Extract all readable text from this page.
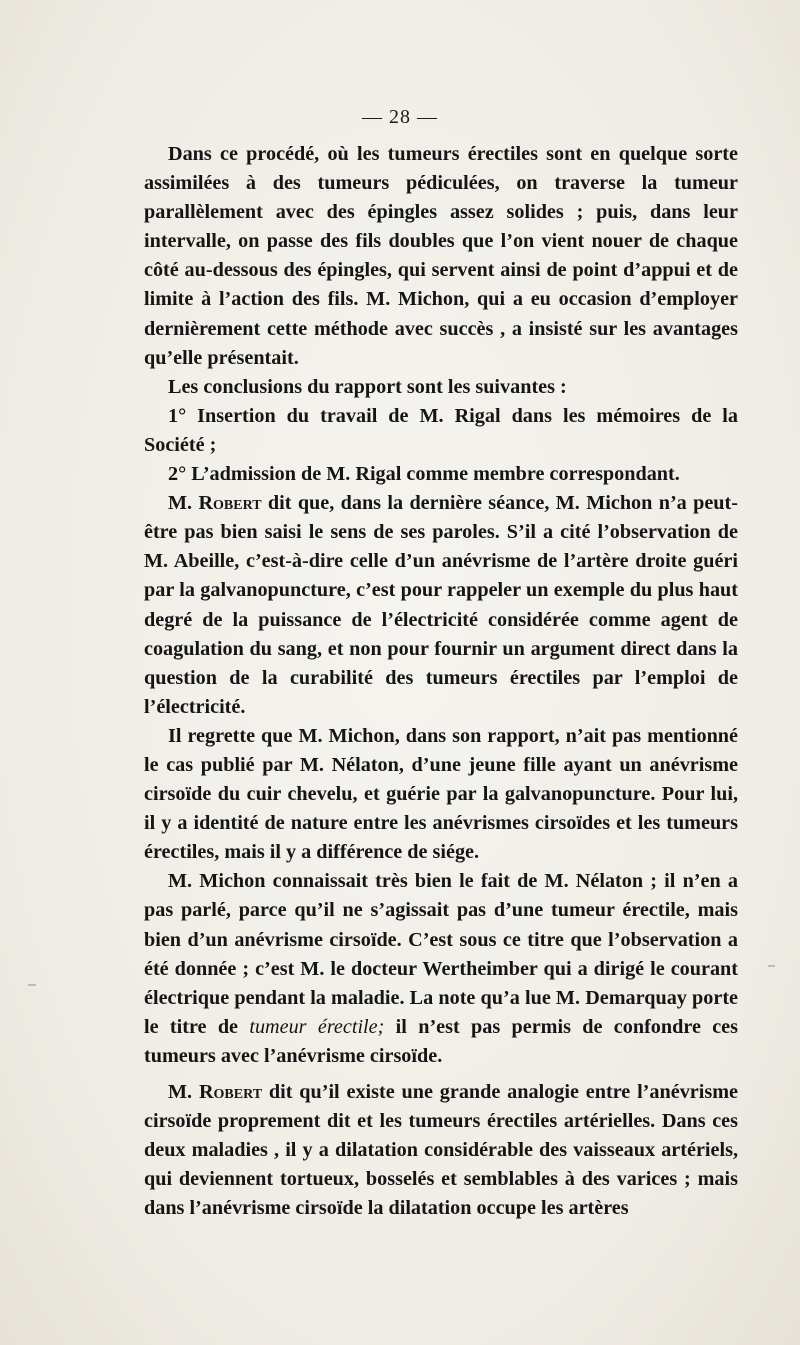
— 28 —

Dans ce procédé, où les tumeurs érectiles sont en quelque sorte assimilées à des tumeurs pédiculées, on traverse la tumeur parallèlement avec des épingles assez solides ; puis, dans leur intervalle, on passe des fils doubles que l’on vient nouer de chaque côté au-dessous des épingles, qui servent ainsi de point d’appui et de limite à l’action des fils. M. Michon, qui a eu occasion d’employer dernièrement cette méthode avec succès , a insisté sur les avantages qu’elle présentait.

Les conclusions du rapport sont les suivantes :

1° Insertion du travail de M. Rigal dans les mémoires de la Société ;

2° L’admission de M. Rigal comme membre correspondant.

M. Robert dit que, dans la dernière séance, M. Michon n’a peut-être pas bien saisi le sens de ses paroles. S’il a cité l’observation de M. Abeille, c’est-à-dire celle d’un anévrisme de l’artère droite guéri par la galvanopuncture, c’est pour rappeler un exemple du plus haut degré de la puissance de l’électricité considérée comme agent de coagulation du sang, et non pour fournir un argument direct dans la question de la curabilité des tumeurs érectiles par l’emploi de l’électricité.

Il regrette que M. Michon, dans son rapport, n’ait pas mentionné le cas publié par M. Nélaton, d’une jeune fille ayant un anévrisme cirsoïde du cuir chevelu, et guérie par la galvanopuncture. Pour lui, il y a identité de nature entre les anévrismes cirsoïdes et les tumeurs érectiles, mais il y a différence de siége.

M. Michon connaissait très bien le fait de M. Nélaton ; il n’en a pas parlé, parce qu’il ne s’agissait pas d’une tumeur érectile, mais bien d’un anévrisme cirsoïde. C’est sous ce titre que l’observation a été donnée ; c’est M. le docteur Wertheimber qui a dirigé le courant électrique pendant la maladie. La note qu’a lue M. Demarquay porte le titre de tumeur érectile; il n’est pas permis de confondre ces tumeurs avec l’anévrisme cirsoïde.

M. Robert dit qu’il existe une grande analogie entre l’anévrisme cirsoïde proprement dit et les tumeurs érectiles artérielles. Dans ces deux maladies , il y a dilatation considérable des vaisseaux artériels, qui deviennent tortueux, bosselés et semblables à des varices ; mais dans l’anévrisme cirsoïde la dilatation occupe les artères
